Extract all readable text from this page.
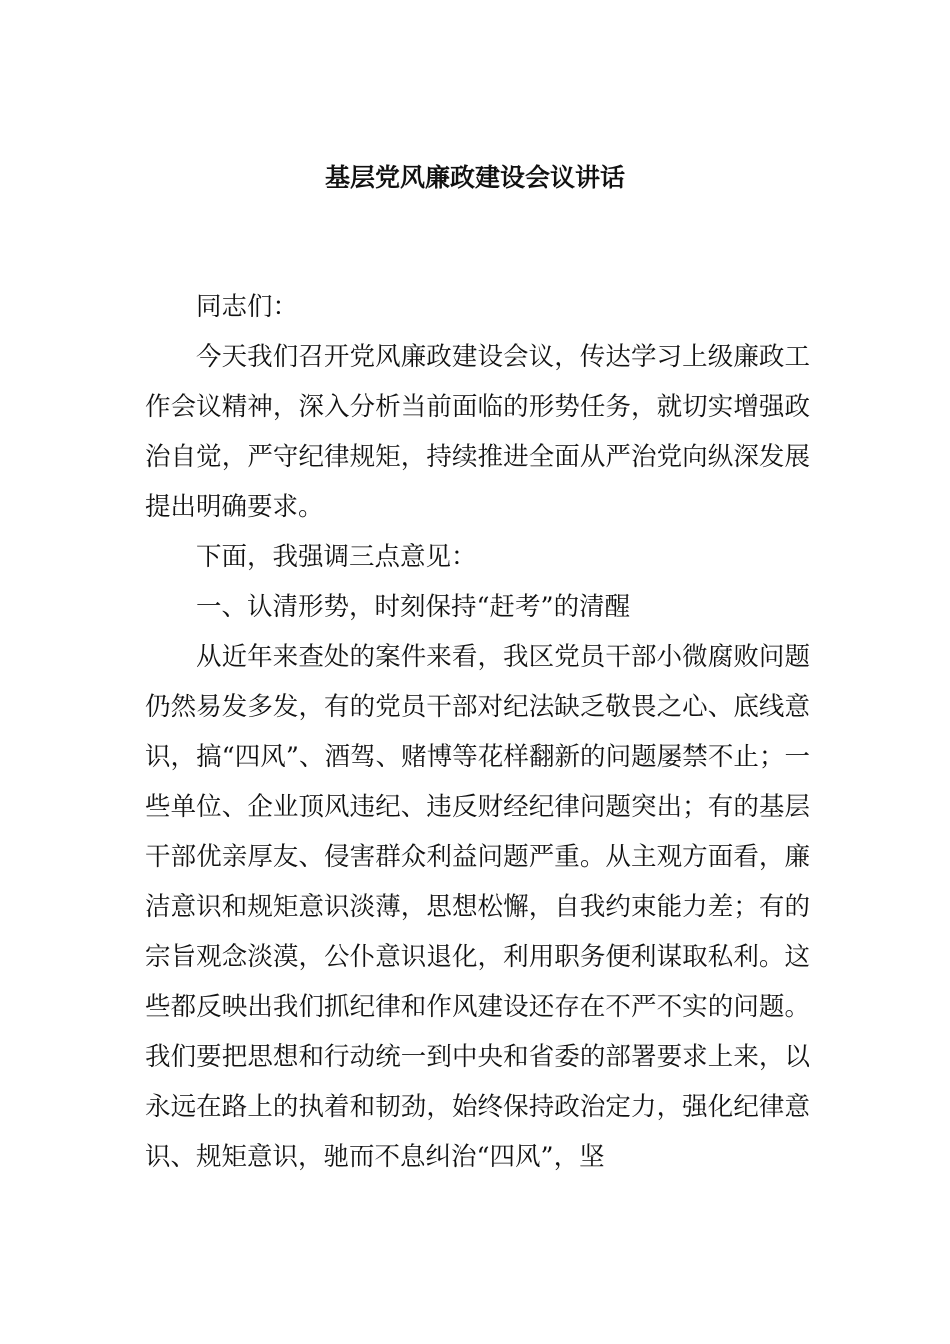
基层党风廉政建设会议讲话

同志们：

今天我们召开党风廉政建设会议，传达学习上级廉政工作会议精神，深入分析当前面临的形势任务，就切实增强政治自觉，严守纪律规矩，持续推进全面从严治党向纵深发展提出明确要求。

下面，我强调三点意见：

一、认清形势，时刻保持“赶考”的清醒

从近年来查处的案件来看，我区党员干部小微腐败问题仍然易发多发，有的党员干部对纪法缺乏敬畏之心、底线意识，搞“四风”、酒驾、赌博等花样翻新的问题屡禁不止；一些单位、企业顶风违纪、违反财经纪律问题突出；有的基层干部优亲厚友、侵害群众利益问题严重。从主观方面看，廉洁意识和规矩意识淡薄，思想松懈，自我约束能力差；有的宗旨观念淡漠，公仆意识退化，利用职务便利谋取私利。这些都反映出我们抓纪律和作风建设还存在不严不实的问题。我们要把思想和行动统一到中央和省委的部署要求上来，以永远在路上的执着和韧劲，始终保持政治定力，强化纪律意识、规矩意识，驰而不息纠治“四风”，坚
